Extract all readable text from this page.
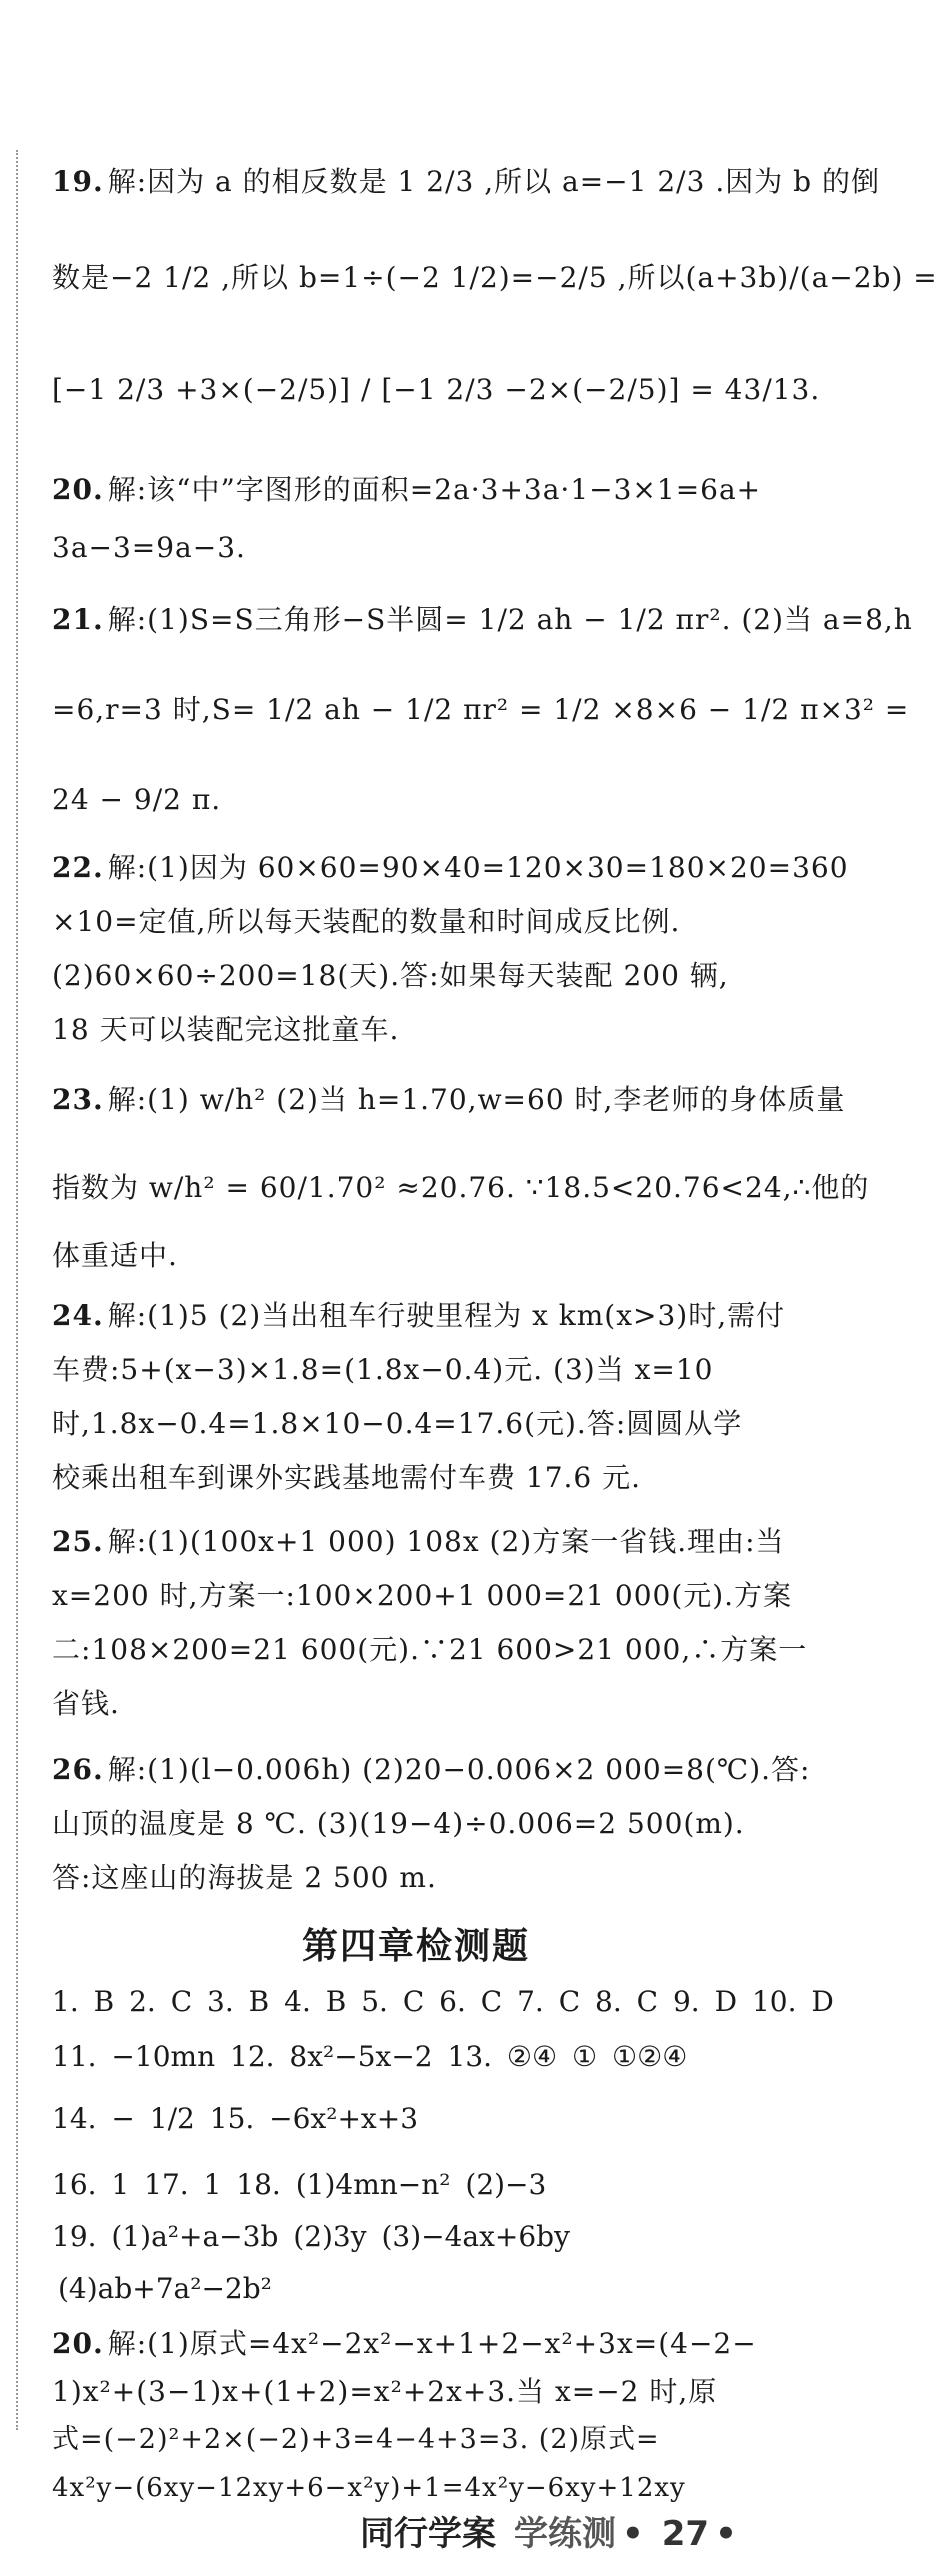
19. 解:因为 a 的相反数是 1 2/3 ,所以 a=−1 2/3 .因为 b 的倒
数是−2 1/2 ,所以 b=1÷(−2 1/2)=−2/5 ,所以(a+3b)/(a−2b) =
[−1 2/3 +3×(−2/5)] / [−1 2/3 −2×(−2/5)] = 43/13.
20. 解:该“中”字图形的面积=2a·3+3a·1−3×1=6a+
3a−3=9a−3.
21. 解:(1)S=S三角形−S半圆= 1/2 ah − 1/2 πr². (2)当 a=8,h
=6,r=3 时,S= 1/2 ah − 1/2 πr² = 1/2 ×8×6 − 1/2 π×3² =
24 − 9/2 π.
22. 解:(1)因为 60×60=90×40=120×30=180×20=360
×10=定值,所以每天装配的数量和时间成反比例.
(2)60×60÷200=18(天).答:如果每天装配 200 辆,
18 天可以装配完这批童车.
23. 解:(1) w/h² (2)当 h=1.70,w=60 时,李老师的身体质量
指数为 w/h² = 60/1.70² ≈20.76. ∵18.5<20.76<24,∴他的
体重适中.
24. 解:(1)5 (2)当出租车行驶里程为 x km(x>3)时,需付
车费:5+(x−3)×1.8=(1.8x−0.4)元. (3)当 x=10
时,1.8x−0.4=1.8×10−0.4=17.6(元).答:圆圆从学
校乘出租车到课外实践基地需付车费 17.6 元.
25. 解:(1)(100x+1 000) 108x (2)方案一省钱.理由:当
x=200 时,方案一:100×200+1 000=21 000(元).方案
二:108×200=21 600(元).∵21 600>21 000,∴方案一
省钱.
26. 解:(1)(l−0.006h) (2)20−0.006×2 000=8(℃).答:
山顶的温度是 8 ℃. (3)(19−4)÷0.006=2 500(m).
答:这座山的海拔是 2 500 m.
第四章检测题
1. B 2. C 3. B 4. B 5. C 6. C 7. C 8. C 9. D 10. D
11. −10mn 12. 8x²−5x−2 13. ②④ ① ①②④
14. − 1/2 15. −6x²+x+3
16. 1 17. 1 18. (1)4mn−n² (2)−3
19. (1)a²+a−3b (2)3y (3)−4ax+6by
(4)ab+7a²−2b²
20. 解:(1)原式=4x²−2x²−x+1+2−x²+3x=(4−2−
1)x²+(3−1)x+(1+2)=x²+2x+3.当 x=−2 时,原
式=(−2)²+2×(−2)+3=4−4+3=3. (2)原式=
4x²y−(6xy−12xy+6−x²y)+1=4x²y−6xy+12xy
同行学案 学练测 • 27 •
